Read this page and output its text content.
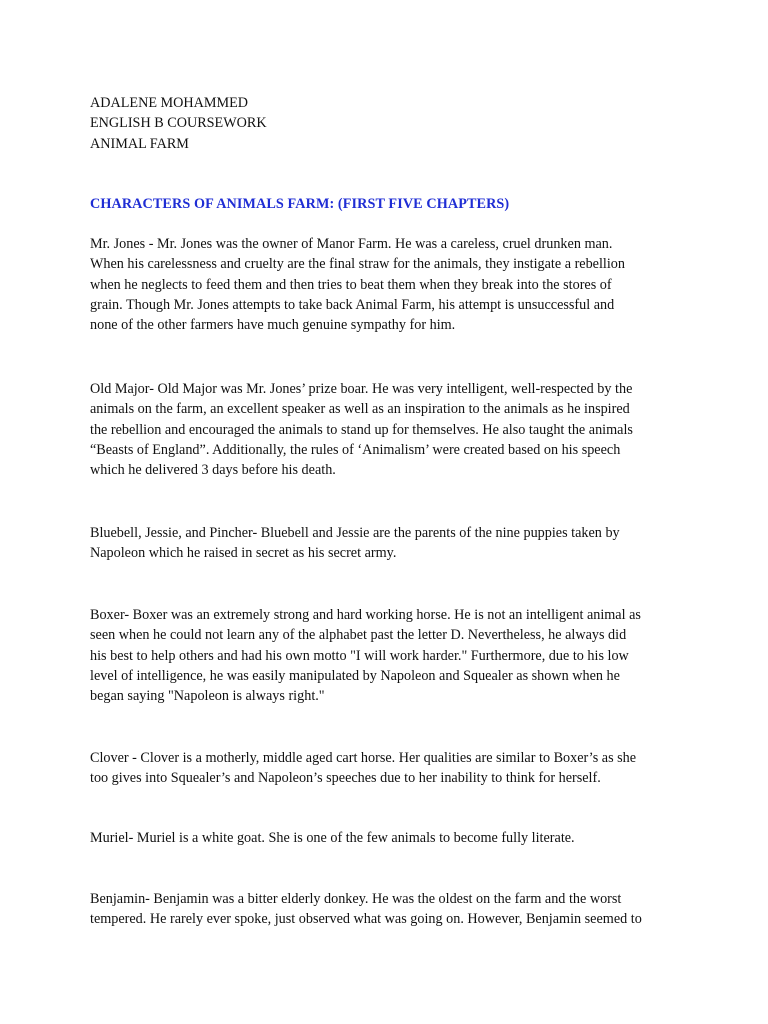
ADALENE MOHAMMED
ENGLISH B COURSEWORK
ANIMAL FARM
CHARACTERS OF ANIMALS FARM: (FIRST FIVE CHAPTERS)
Mr. Jones - Mr. Jones was the owner of Manor Farm. He was a careless, cruel drunken man.
When his carelessness and cruelty are the final straw for the animals, they instigate a rebellion
when he neglects to feed them and then tries to beat them when they break into the stores of
grain. Though Mr. Jones attempts to take back Animal Farm, his attempt is unsuccessful and
none of the other farmers have much genuine sympathy for him.
Old Major- Old Major was Mr. Jones’ prize boar. He was very intelligent, well-respected by the
animals on the farm, an excellent speaker as well as an inspiration to the animals as he inspired
the rebellion and encouraged the animals to stand up for themselves. He also taught the animals
“Beasts of England”. Additionally, the rules of ‘Animalism’ were created based on his speech
which he delivered 3 days before his death.
Bluebell, Jessie, and Pincher- Bluebell and Jessie are the parents of the nine puppies taken by
Napoleon which he raised in secret as his secret army.
Boxer- Boxer was an extremely strong and hard working horse. He is not an intelligent animal as
seen when he could not learn any of the alphabet past the letter D. Nevertheless, he always did
his best to help others and had his own motto "I will work harder." Furthermore, due to his low
level of intelligence, he was easily manipulated by Napoleon and Squealer as shown when he
began saying "Napoleon is always right."
Clover - Clover is a motherly, middle aged cart horse. Her qualities are similar to Boxer’s as she
too gives into Squealer’s and Napoleon’s speeches due to her inability to think for herself.
Muriel- Muriel is a white goat. She is one of the few animals to become fully literate.
Benjamin- Benjamin was a bitter elderly donkey. He was the oldest on the farm and the worst
tempered. He rarely ever spoke, just observed what was going on. However, Benjamin seemed to
